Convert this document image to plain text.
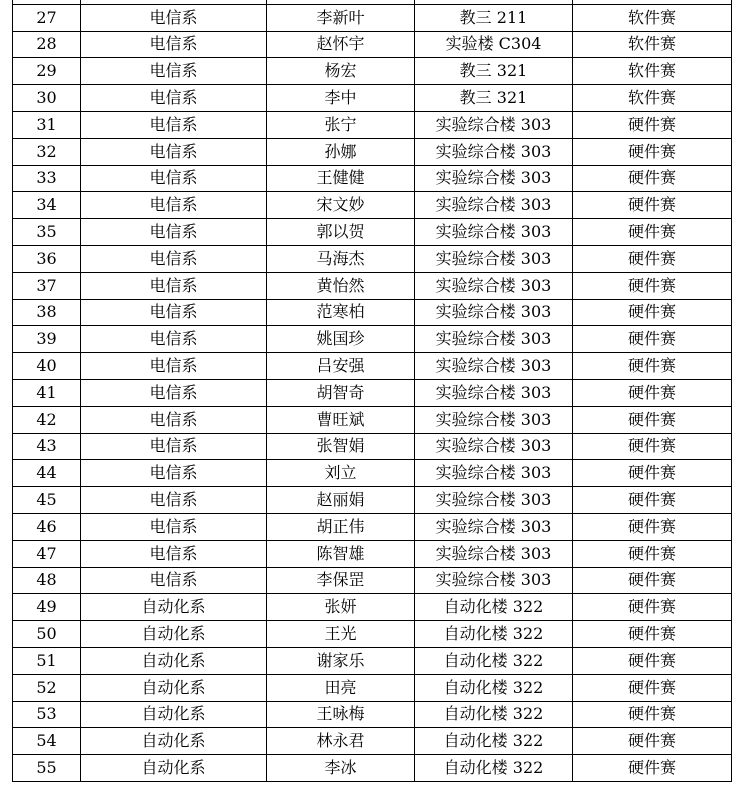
27	电信系	李新叶	教三 211	软件赛
28	电信系	赵怀宇	实验楼 C304	软件赛
29	电信系	杨宏	教三 321	软件赛
30	电信系	李中	教三 321	软件赛
31	电信系	张宁	实验综合楼 303	硬件赛
32	电信系	孙娜	实验综合楼 303	硬件赛
33	电信系	王健健	实验综合楼 303	硬件赛
34	电信系	宋文妙	实验综合楼 303	硬件赛
35	电信系	郭以贺	实验综合楼 303	硬件赛
36	电信系	马海杰	实验综合楼 303	硬件赛
37	电信系	黄怡然	实验综合楼 303	硬件赛
38	电信系	范寒柏	实验综合楼 303	硬件赛
39	电信系	姚国珍	实验综合楼 303	硬件赛
40	电信系	吕安强	实验综合楼 303	硬件赛
41	电信系	胡智奇	实验综合楼 303	硬件赛
42	电信系	曹旺斌	实验综合楼 303	硬件赛
43	电信系	张智娟	实验综合楼 303	硬件赛
44	电信系	刘立	实验综合楼 303	硬件赛
45	电信系	赵丽娟	实验综合楼 303	硬件赛
46	电信系	胡正伟	实验综合楼 303	硬件赛
47	电信系	陈智雄	实验综合楼 303	硬件赛
48	电信系	李保罡	实验综合楼 303	硬件赛
49	自动化系	张妍	自动化楼 322	硬件赛
50	自动化系	王光	自动化楼 322	硬件赛
51	自动化系	谢家乐	自动化楼 322	硬件赛
52	自动化系	田亮	自动化楼 322	硬件赛
53	自动化系	王咏梅	自动化楼 322	硬件赛
54	自动化系	林永君	自动化楼 322	硬件赛
55	自动化系	李冰	自动化楼 322	硬件赛
